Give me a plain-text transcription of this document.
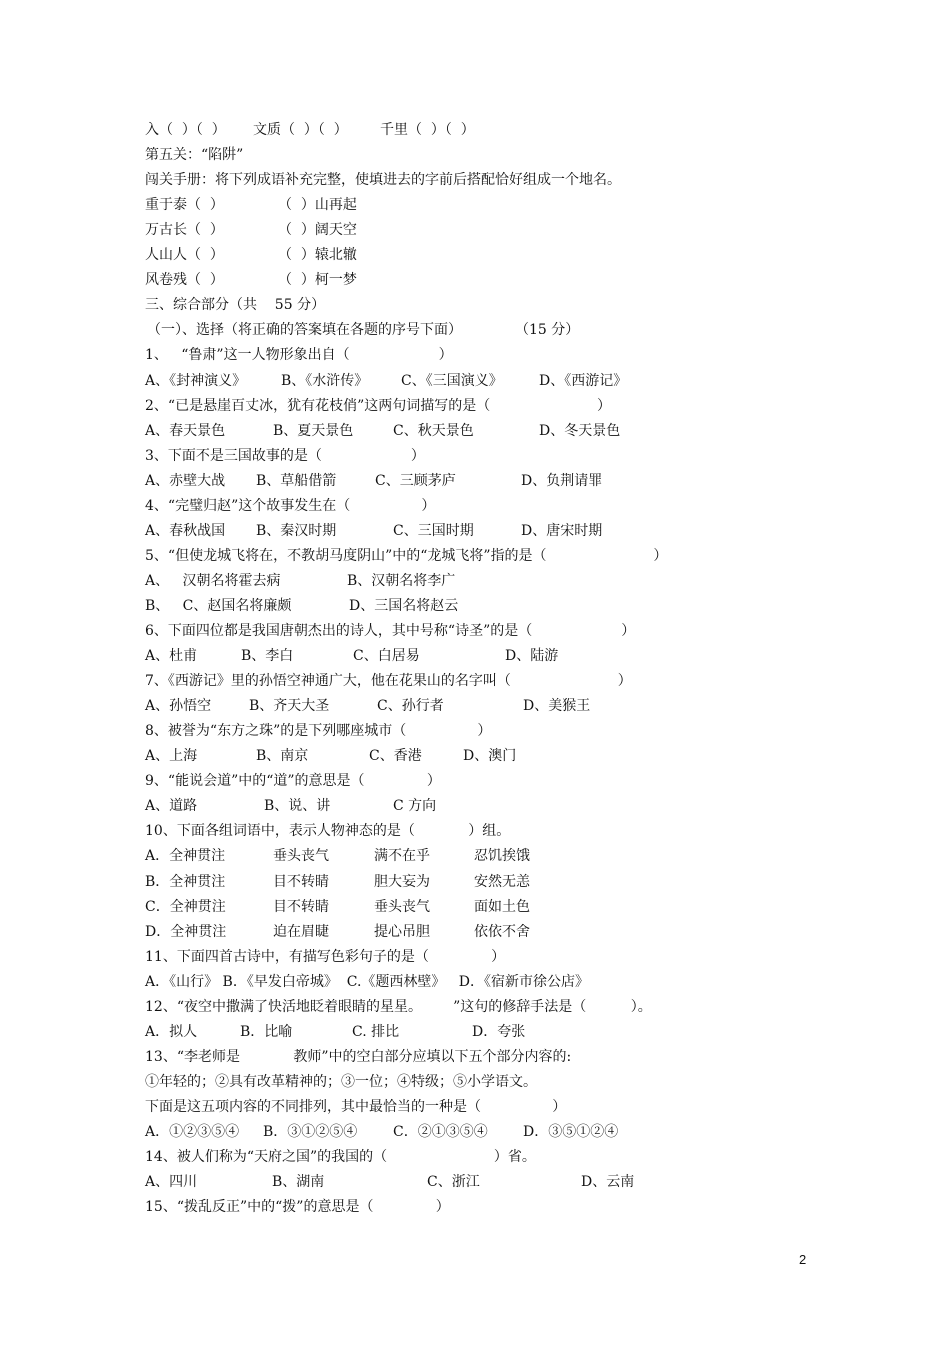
入（  ）（  ） 文质（  ）（  ） 千里（  ）（  ）
第五关：“陷阱”
闯关手册：将下列成语补充完整，使填进去的字前后搭配恰好组成一个地名。
重于泰（  ）	（  ）山再起
万古长（  ）	（  ）阔天空
人山人（  ）	（  ）辕北辙
风卷残（  ）	（  ）柯一梦
三、综合部分（共    55 分）
（一）、选择（将正确的答案填在各题的序号下面）	（15 分）
1、   “鲁肃”这一人物形象出自（                    ）
A、《封神演义》 B、《水浒传》 C、《三国演义》	D、《西游记》
2、“已是悬崖百丈冰，犹有花枝俏”这两句词描写的是（                        ）
A、春天景色	B、夏天景色	C、秋天景色	D、冬天景色
3、下面不是三国故事的是（                    ）
A、赤壁大战 B、草船借箭	C、三顾茅庐	D、负荆请罪
4、“完璧归赵”这个故事发生在（                ）
A、春秋战国 B、秦汉时期	C、三国时期	D、唐宋时期
5、“但使龙城飞将在，不教胡马度阴山”中的“龙城飞将”指的是（                        ）
A、   汉朝名将霍去病	B、汉朝名将李广
B、   C、赵国名将廉颇	D、三国名将赵云
6、下面四位都是我国唐朝杰出的诗人，其中号称“诗圣”的是（                    ）
A、杜甫	B、李白	C、白居易	D、陆游
7、《西游记》里的孙悟空神通广大，他在花果山的名字叫（                        ）
A、孙悟空	B、齐天大圣	C、孙行者	D、美猴王
8、被誉为“东方之珠”的是下列哪座城市（                ）
A、上海	B、南京	C、香港	D、澳门
9、“能说会道”中的“道”的意思是（              ）
A、道路	B、说、讲	C 方向
10、下面各组词语中，表示人物神态的是（            ）组。
A．全神贯注	垂头丧气	满不在乎	忍饥挨饿
B．全神贯注	目不转睛	胆大妄为	安然无恙
C．全神贯注	目不转睛	垂头丧气	面如土色
D．全神贯注	迫在眉睫	提心吊胆	依依不舍
11、下面四首古诗中，有描写色彩句子的是（              ）
A．《山行》 B．《早发白帝城》  C.《题西林壁》   D．《宿新市徐公店》
12、“夜空中撒满了快活地眨着眼睛的星星。       ”这句的修辞手法是（          ）。
A．拟人	B．比喻	C. 排比	D．夸张
13、“李老师是            教师”中的空白部分应填以下五个部分内容的:
①年轻的；②具有改革精神的；③一位；④特级；⑤小学语文。
下面是这五项内容的不同排列，其中最恰当的一种是（                ）
A．①②③⑤④ B．③①②⑤④	C．②①③⑤④	D．③⑤①②④
14、被人们称为“天府之国”的我国的（                        ）省。
A、四川	B、湖南	C、浙江	D、云南
15、“拨乱反正”中的“拨”的意思是（              ）
2
